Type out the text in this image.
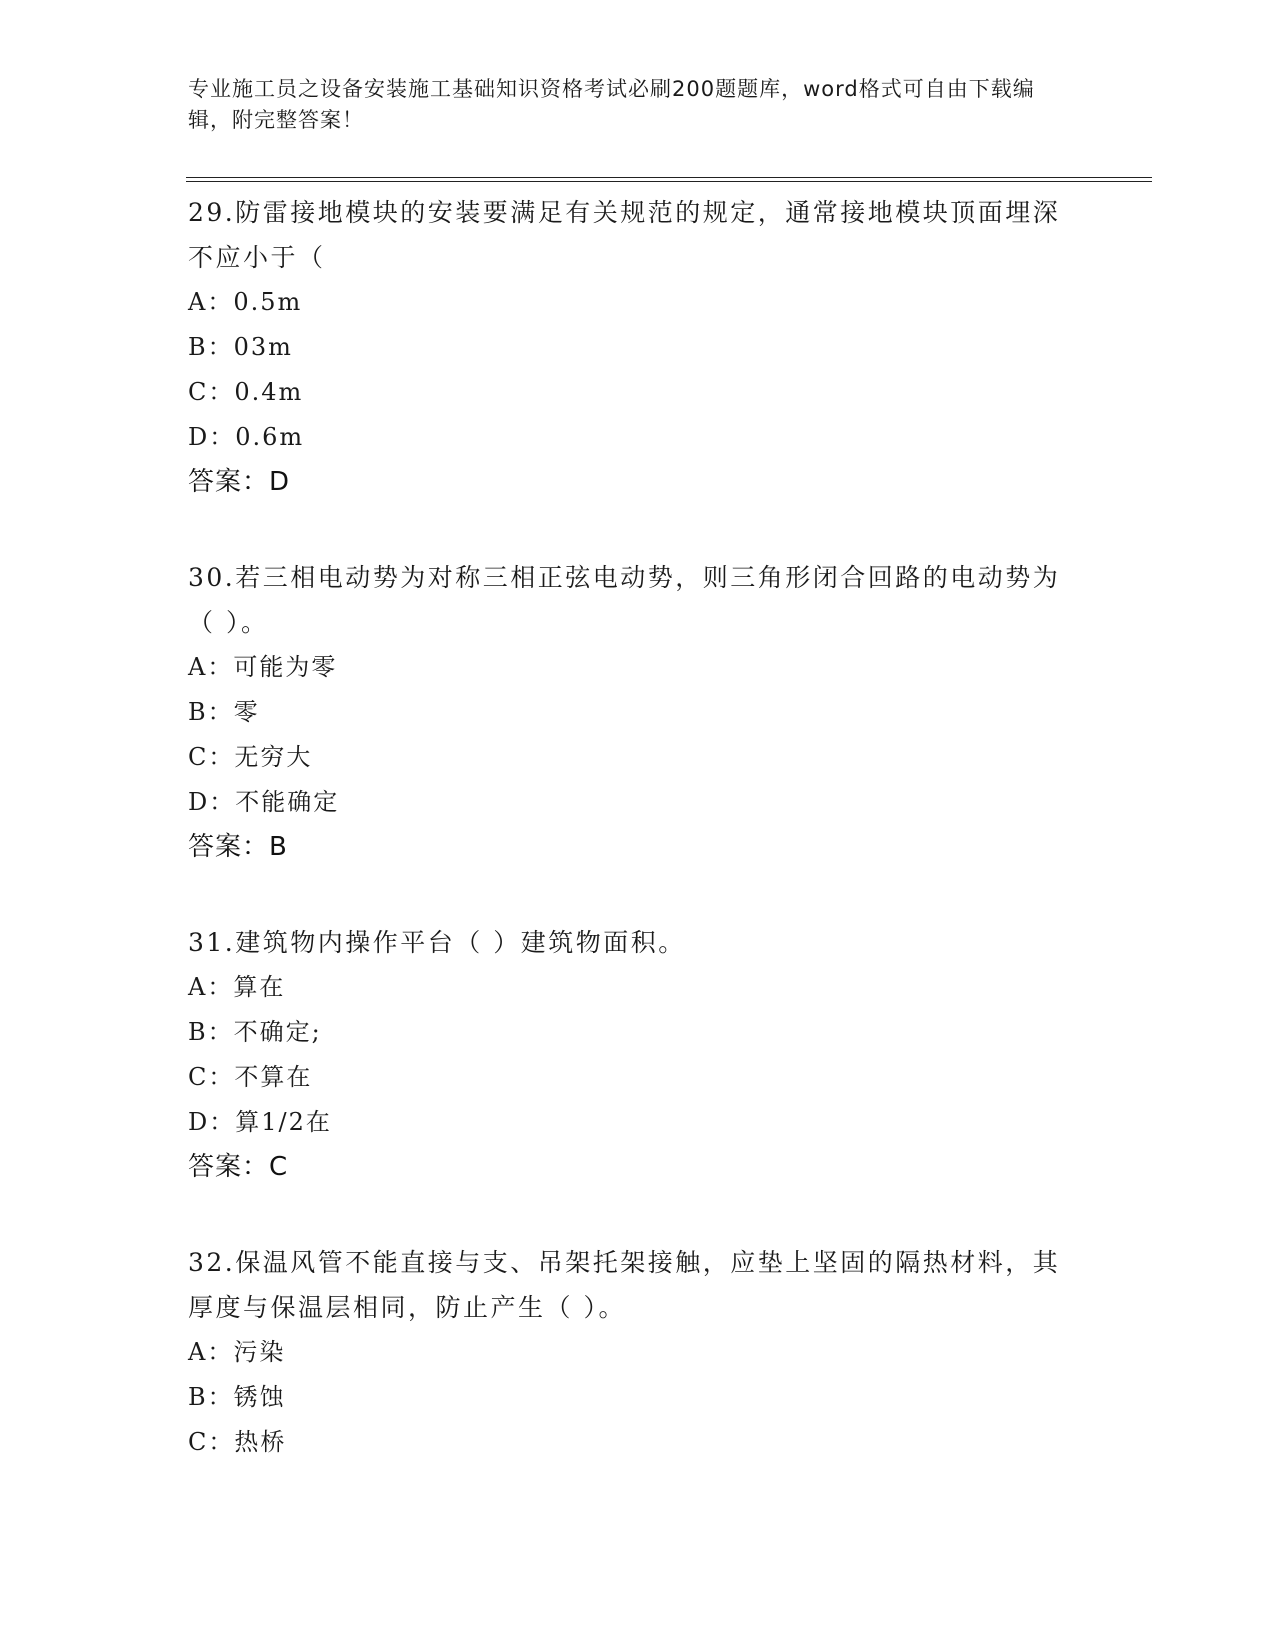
专业施工员之设备安装施工基础知识资格考试必刷200题题库，word格式可自由下载编辑，附完整答案！
29.防雷接地模块的安装要满足有关规范的规定，通常接地模块顶面埋深不应小于（
A：0.5m
B：03m
C：0.4m
D：0.6m
答案：D
30.若三相电动势为对称三相正弦电动势，则三角形闭合回路的电动势为（ ）。
A：可能为零
B：零
C：无穷大
D：不能确定
答案：B
31.建筑物内操作平台（ ）建筑物面积。
A：算在
B：不确定;
C：不算在
D：算1/2在
答案：C
32.保温风管不能直接与支、吊架托架接触，应垫上坚固的隔热材料，其厚度与保温层相同，防止产生（ ）。
A：污染
B：锈蚀
C：热桥
